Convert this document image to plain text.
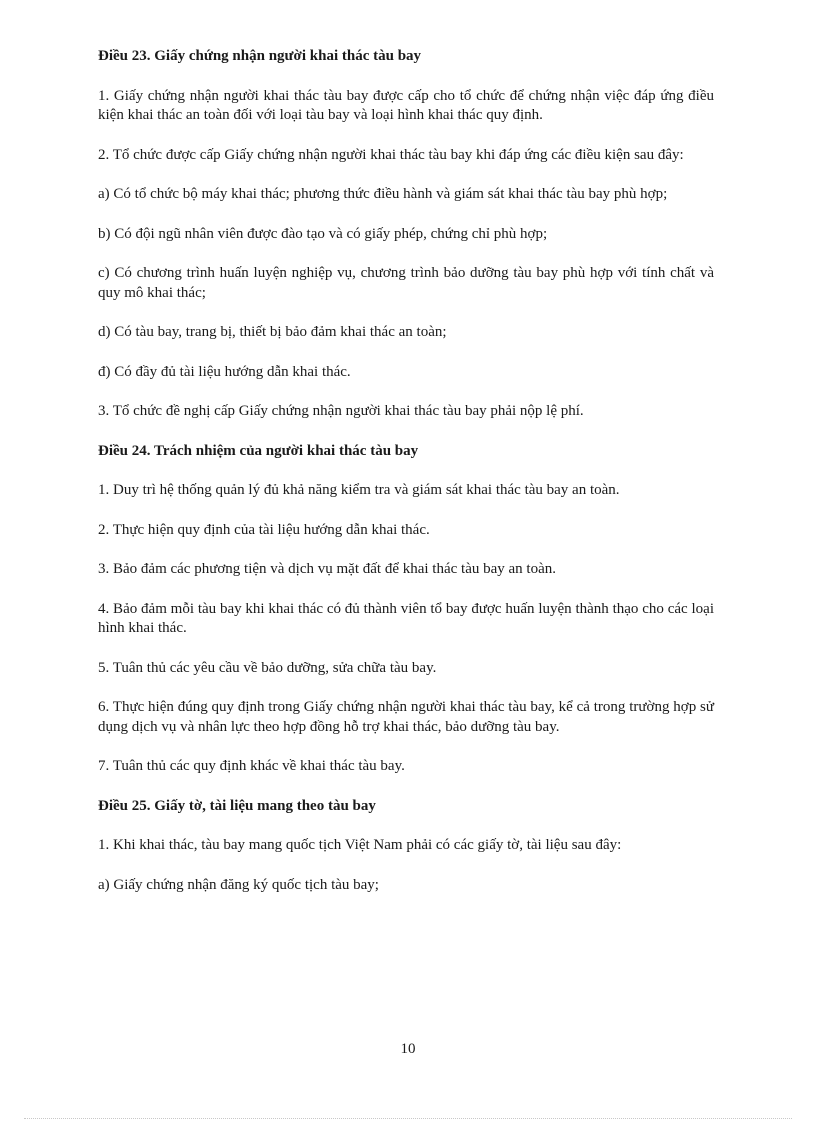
Điều 23. Giấy chứng nhận người khai thác tàu bay

1. Giấy chứng nhận người khai thác tàu bay được cấp cho tổ chức để chứng nhận việc đáp ứng điều kiện khai thác an toàn đối với loại tàu bay và loại hình khai thác quy định.

2. Tổ chức được cấp Giấy chứng nhận người khai thác tàu bay khi đáp ứng các điều kiện sau đây:

a) Có tổ chức bộ máy khai thác; phương thức điều hành và giám sát khai thác tàu bay phù hợp;

b) Có đội ngũ nhân viên được đào tạo và có giấy phép, chứng chỉ phù hợp;

c) Có chương trình huấn luyện nghiệp vụ, chương trình bảo dưỡng tàu bay phù hợp với tính chất và quy mô khai thác;

d) Có tàu bay, trang bị, thiết bị bảo đảm khai thác an toàn;

đ) Có đầy đủ tài liệu hướng dẫn khai thác.

3. Tổ chức đề nghị cấp Giấy chứng nhận người khai thác tàu bay phải nộp lệ phí.

Điều 24. Trách nhiệm của người khai thác tàu bay

1. Duy trì hệ thống quản lý đủ khả năng kiểm tra và giám sát khai thác tàu bay an toàn.

2. Thực hiện quy định của tài liệu hướng dẫn khai thác.

3. Bảo đảm các phương tiện và dịch vụ mặt đất để khai thác tàu bay an toàn.

4. Bảo đảm mỗi tàu bay khi khai thác có đủ thành viên tổ bay được huấn luyện thành thạo cho các loại hình khai thác.

5. Tuân thủ các yêu cầu về bảo dưỡng, sửa chữa tàu bay.

6. Thực hiện đúng quy định trong Giấy chứng nhận người khai thác tàu bay, kể cả trong trường hợp sử dụng dịch vụ và nhân lực theo hợp đồng hỗ trợ khai thác, bảo dưỡng tàu bay.

7. Tuân thủ các quy định khác về khai thác tàu bay.

Điều 25. Giấy tờ, tài liệu mang theo tàu bay

1. Khi khai thác, tàu bay mang quốc tịch Việt Nam phải có các giấy tờ, tài liệu sau đây:

a) Giấy chứng nhận đăng ký quốc tịch tàu bay;

10
